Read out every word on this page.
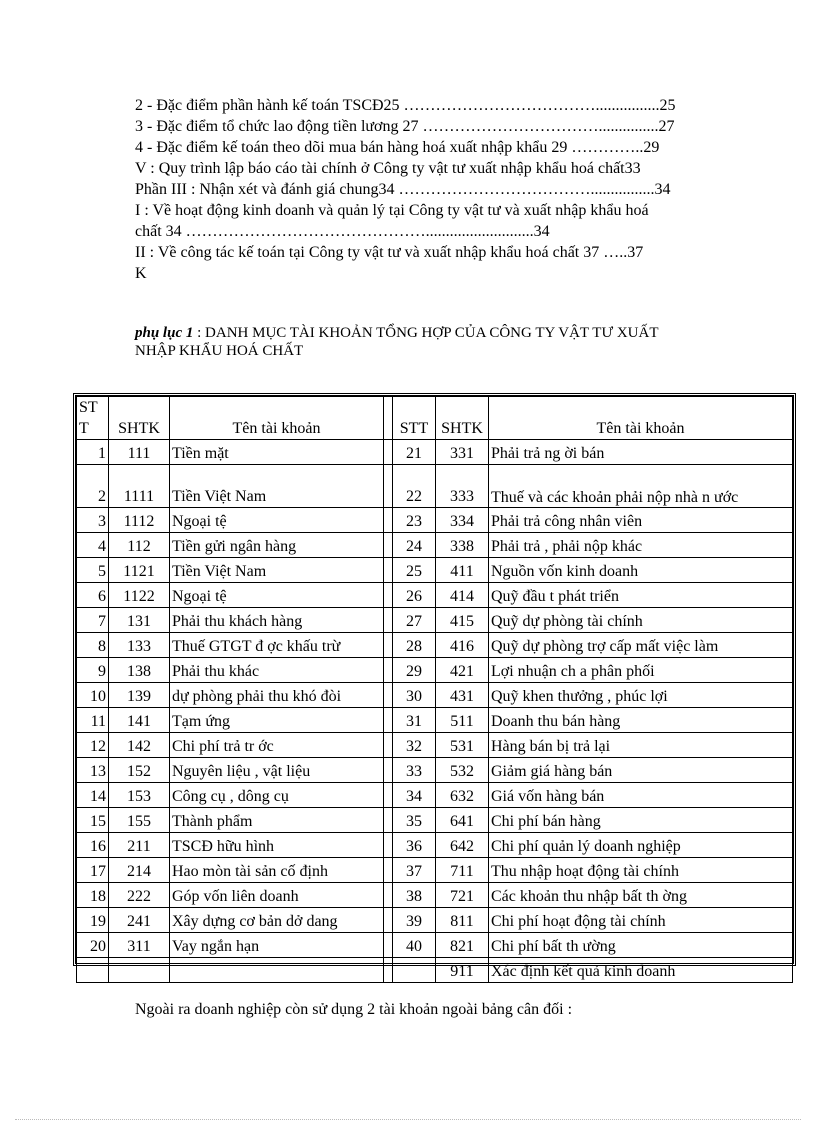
2 - Đặc điểm phần hành kế toán TSCĐ25 ………………………………................25
3 - Đặc điểm tổ chức lao động tiền lương 27 ……………………………...............27
4 - Đặc điểm kế toán theo dõi mua bán hàng hoá xuất nhập khẩu 29 …………..29
V : Quy trình lập báo cáo tài chính ở Công ty vật tư xuất nhập khẩu hoá chất33
Phần III : Nhận xét và đánh giá chung34 ………………………………................34
I : Về hoạt động kinh doanh và quản lý tại Công ty vật tư và xuất nhập khẩu hoá
chất 34 ………………………………………...........................34
II : Về công tác kế toán tại Công ty vật tư và xuất nhập khẩu hoá chất 37 …..37
K
phụ lục 1 : DANH MỤC TÀI KHOẢN TỔNG HỢP CỦA CÔNG TY VẬT TƯ XUẤT
NHẬP KHẨU HOÁ CHẤT
STT	SHTK	Tên tài khoản		STT	SHTK	Tên tài khoản
1	111	Tiền mặt		21	331	Phải trả ng ời bán
2	1111	Tiền Việt Nam		22	333	Thuế và các khoản phải nộp nhà n ước

3	1112	Ngoại tệ		23	334	Phải trả công nhân viên
4	112	Tiền gửi ngân hàng		24	338	Phải trả , phải nộp khác
5	1121	Tiền Việt Nam		25	411	Nguồn vốn kinh doanh
6	1122	Ngoại tệ		26	414	Quỹ đầu t phát triển
7	131	Phải thu khách hàng		27	415	Quỹ dự phòng tài chính
8	133	Thuế GTGT đ ợc khấu trừ		28	416	Quỹ dự phòng trợ cấp mất việc làm
9	138	Phải thu khác		29	421	Lợi nhuận ch a phân phối
10	139	dự phòng phải thu khó đòi		30	431	Quỹ khen thưởng , phúc lợi
11	141	Tạm ứng		31	511	Doanh thu bán hàng
12	142	Chi phí trả tr ớc		32	531	Hàng bán bị trả lại
13	152	Nguyên liệu , vật liệu		33	532	Giảm giá hàng bán
14	153	Công cụ , dông cụ		34	632	Giá vốn hàng bán
15	155	Thành phẩm		35	641	Chi phí bán hàng
16	211	TSCĐ hữu hình		36	642	Chi phí quản lý doanh nghiệp
17	214	Hao mòn tài sản cố định		37	711	Thu nhập hoạt động tài chính
18	222	Góp vốn liên doanh		38	721	Các khoản thu nhập bất th ờng
19	241	Xây dựng cơ bản dở dang		39	811	Chi phí hoạt động tài chính
20	311	Vay ngắn hạn		40	821	Chi phí bất th ường
					911	Xác định kết quả kinh doanh
Ngoài ra doanh nghiệp còn sử dụng 2 tài khoản ngoài bảng cân đối :
